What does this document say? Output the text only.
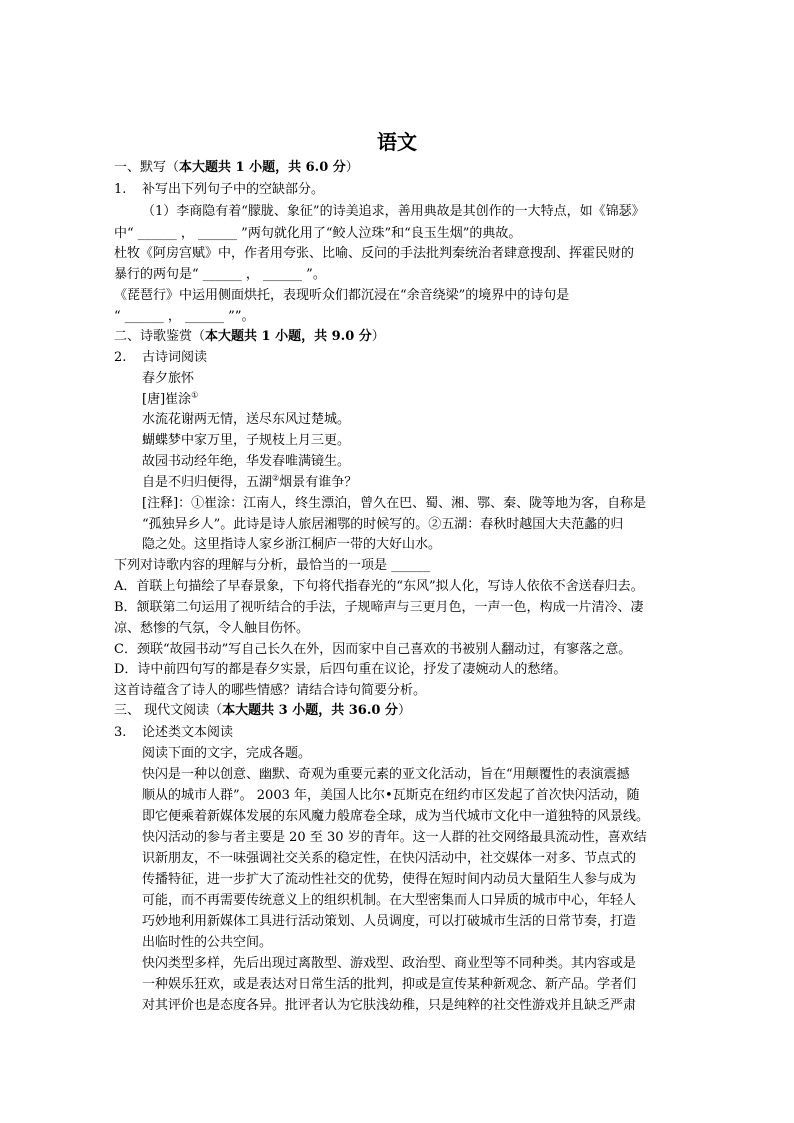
语文
一、默写（本大题共 1 小题，共 6.0 分）
1. 补写出下列句子中的空缺部分。
（1）李商隐有着“朦胧、象征”的诗美追求，善用典故是其创作的一大特点，如《锦瑟》
中“ ______ ， ______ ”两句就化用了“鲛人泣珠”和“良玉生烟”的典故。
杜牧《阿房宫赋》中，作者用夸张、比喻、反问的手法批判秦统治者肆意搜刮、挥霍民财的
暴行的两句是“ ______ ， ______ ”。
《琵琶行》中运用侧面烘托，表现听众们都沉浸在“余音绕梁”的境界中的诗句是
“ ______ ， ______ ””。
二、诗歌鉴赏（本大题共 1 小题，共 9.0 分）
2. 古诗词阅读
春夕旅怀
[唐]崔涂①
水流花谢两无情，送尽东风过楚城。
蝴蝶梦中家万里，子规枝上月三更。
故园书动经年绝，华发春唯满镜生。
自是不归归便得，五湖②烟景有谁争？
[注释]：①崔涂：江南人，终生漂泊，曾久在巴、蜀、湘、鄂、秦、陇等地为客，自称是
“孤独异乡人”。此诗是诗人旅居湘鄂的时候写的。②五湖：春秋时越国大夫范蠡的归
隐之处。这里指诗人家乡浙江桐庐一带的大好山水。
下列对诗歌内容的理解与分析，最恰当的一项是 ______
A．首联上句描绘了早春景象，下句将代指春光的“东风”拟人化，写诗人依依不舍送春归去。
B．颔联第二句运用了视听结合的手法，子规啼声与三更月色，一声一色，构成一片清冷、凄
凉、愁惨的气氛，令人触目伤怀。
C．颈联“故园书动”写自己长久在外，因而家中自己喜欢的书被别人翻动过，有寥落之意。
D．诗中前四句写的都是春夕实景，后四句重在议论，抒发了凄婉动人的愁绪。
这首诗蕴含了诗人的哪些情感？请结合诗句简要分析。
三、 现代文阅读（本大题共 3 小题，共 36.0 分）
3. 论述类文本阅读
阅读下面的文字，完成各题。
快闪是一种以创意、幽默、奇观为重要元素的亚文化活动，旨在“用颠覆性的表演震撼
顺从的城市人群”。 2003 年，美国人比尔•瓦斯克在纽约市区发起了首次快闪活动，随
即它便乘着新媒体发展的东风魔力般席卷全球，成为当代城市文化中一道独特的风景线。
快闪活动的参与者主要是 20 至 30 岁的青年。这一人群的社交网络最具流动性，喜欢结
识新朋友，不一味强调社交关系的稳定性，在快闪活动中，社交媒体一对多、节点式的
传播特征，进一步扩大了流动性社交的优势，使得在短时间内动员大量陌生人参与成为
可能，而不再需要传统意义上的组织机制。在大型密集而人口异质的城市中心，年轻人
巧妙地利用新媒体工具进行活动策划、人员调度，可以打破城市生活的日常节奏，打造
出临时性的公共空间。
快闪类型多样，先后出现过离散型、游戏型、政治型、商业型等不同种类。其内容或是
一种娱乐狂欢，或是表达对日常生活的批判，抑或是宣传某种新观念、新产品。学者们
对其评价也是态度各异。批评者认为它肤浅幼稚，只是纯粹的社交性游戏并且缺乏严肃
